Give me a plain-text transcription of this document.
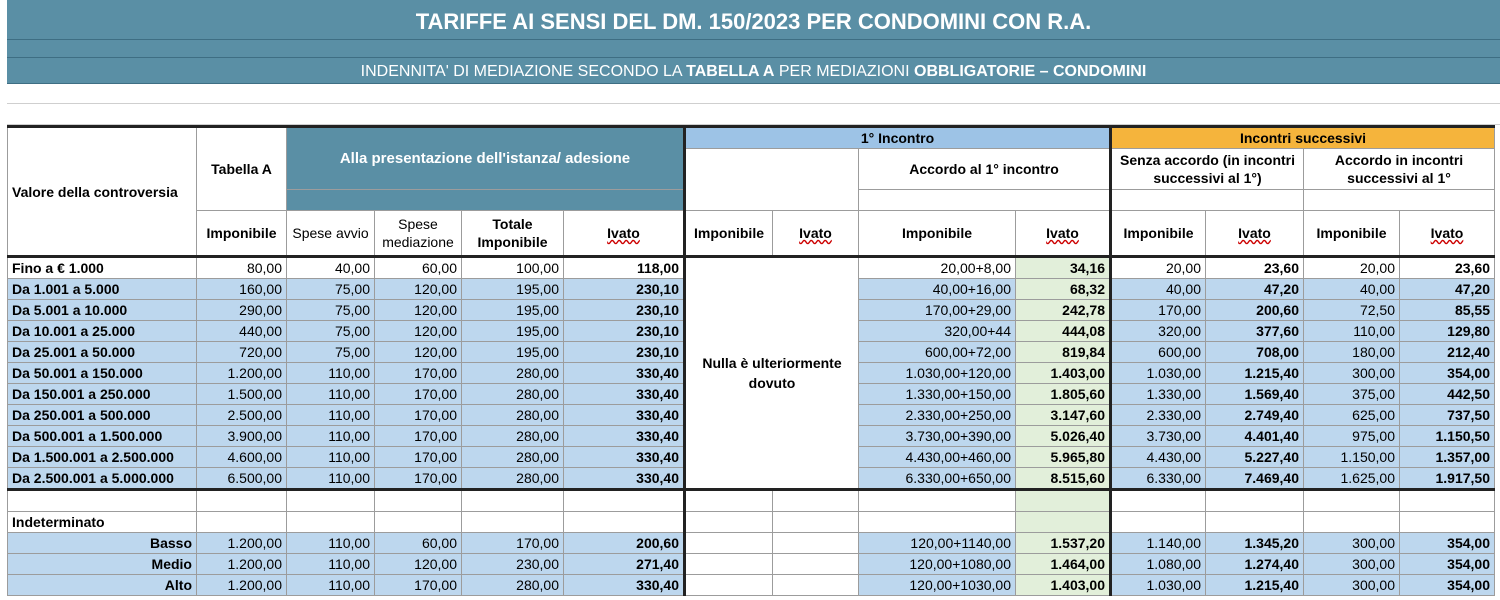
TARIFFE AI SENSI DEL DM. 150/2023 PER CONDOMINI CON R.A.
INDENNITA' DI MEDIAZIONE SECONDO LA TABELLA A PER MEDIAZIONI OBBLIGATORIE – CONDOMINI
Valore della controversia	Tabella A	Alla presentazione dell'istanza/ adesione				1° Incontro				Incontri successivi			
								Accordo al 1° incontro		Senza accordo (in incontri successivi al 1°)		Accordo in incontri successivi al 1°	

	Imponibile	Spese avvio	Spese mediazione	Totale Imponibile	Ivato	Imponibile	Ivato	Imponibile	Ivato	Imponibile	Ivato	Imponibile	Ivato
Fino a € 1.000	80,00	40,00	60,00	100,00	118,00	Nulla è ulteriormente dovuto		20,00+8,00	34,16	20,00	23,60	20,00	23,60
Da 1.001 a 5.000	160,00	75,00	120,00	195,00	230,10			40,00+16,00	68,32	40,00	47,20	40,00	47,20
Da 5.001 a 10.000	290,00	75,00	120,00	195,00	230,10			170,00+29,00	242,78	170,00	200,60	72,50	85,55
Da 10.001 a 25.000	440,00	75,00	120,00	195,00	230,10			320,00+44	444,08	320,00	377,60	110,00	129,80
Da 25.001 a 50.000	720,00	75,00	120,00	195,00	230,10			600,00+72,00	819,84	600,00	708,00	180,00	212,40
Da 50.001 a 150.000	1.200,00	110,00	170,00	280,00	330,40			1.030,00+120,00	1.403,00	1.030,00	1.215,40	300,00	354,00
Da 150.001 a 250.000	1.500,00	110,00	170,00	280,00	330,40			1.330,00+150,00	1.805,60	1.330,00	1.569,40	375,00	442,50
Da 250.001 a 500.000	2.500,00	110,00	170,00	280,00	330,40			2.330,00+250,00	3.147,60	2.330,00	2.749,40	625,00	737,50
Da 500.001 a 1.500.000	3.900,00	110,00	170,00	280,00	330,40			3.730,00+390,00	5.026,40	3.730,00	4.401,40	975,00	1.150,50
Da 1.500.001 a 2.500.000	4.600,00	110,00	170,00	280,00	330,40			4.430,00+460,00	5.965,80	4.430,00	5.227,40	1.150,00	1.357,00
Da 2.500.001 a 5.000.000	6.500,00	110,00	170,00	280,00	330,40			6.330,00+650,00	8.515,60	6.330,00	7.469,40	1.625,00	1.917,50

Indeterminato													
Basso	1.200,00	110,00	60,00	170,00	200,60			120,00+1140,00	1.537,20	1.140,00	1.345,20	300,00	354,00
Medio	1.200,00	110,00	120,00	230,00	271,40			120,00+1080,00	1.464,00	1.080,00	1.274,40	300,00	354,00
Alto	1.200,00	110,00	170,00	280,00	330,40			120,00+1030,00	1.403,00	1.030,00	1.215,40	300,00	354,00
